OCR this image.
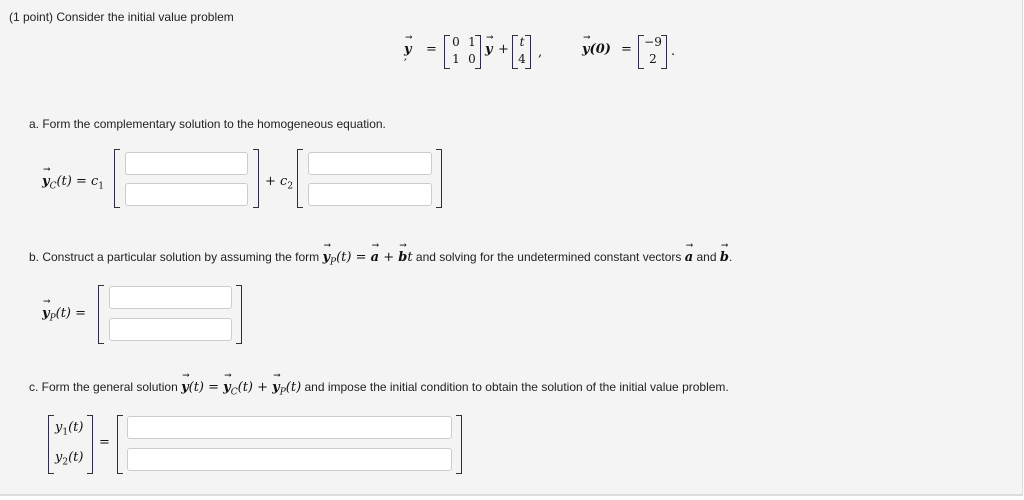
(1 point) Consider the initial value problem
→ y′
= 0 1
1 0
→ y + t
4 ,	→ y(0) = −9
2	.
a. Form the complementary solution to the homogeneous equation.
→ $y_C(t) = c_1$	+ $c_2$
b. Construct a particular solution by assuming the form → $y_P(t)$ = → a + → bt and solving for the undetermined constant vectors → a and → b.
→ $y_P(t)$ =
c. Form the general solution → y(t) = → $y_C(t)$ + → $y_P(t)$ and impose the initial condition to obtain the solution of the initial value problem.
$y_1(t)$
$y_2(t)$
=
